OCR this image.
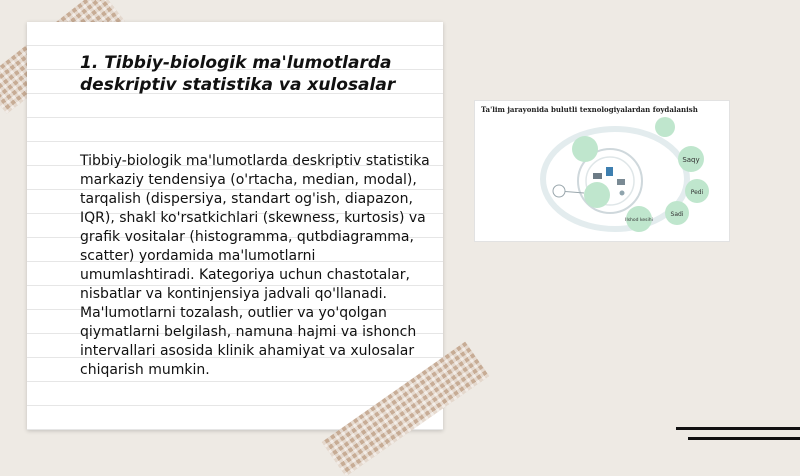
1. Tibbiy-biologik ma'lumotlarda
deskriptiv statistika va xulosalar

Tibbiy-biologik ma'lumotlarda deskriptiv statistika markaziy tendensiya (o'rtacha, median, modal), tarqalish (dispersiya, standart og'ish, diapazon, IQR), shakl ko'rsatkichlari (skewness, kurtosis) va grafik vositalar (histogramma, qutbdiagramma, scatter) yordamida ma'lumotlarni umumlashtiradi. Kategoriya uchun chastotalar, nisbatlar va kontinjensiya jadvali qo'llanadi. Ma'lumotlarni tozalash, outlier va yo'qolgan qiymatlarni belgilash, namuna hajmi va ishonch intervallari asosida klinik ahamiyat va xulosalar chiqarish mumkin.

Ta'lim jarayonida bulutli texnologiyalardan foydalanish
Saqy
Pedi
Sadi
Ilshod kesihi
